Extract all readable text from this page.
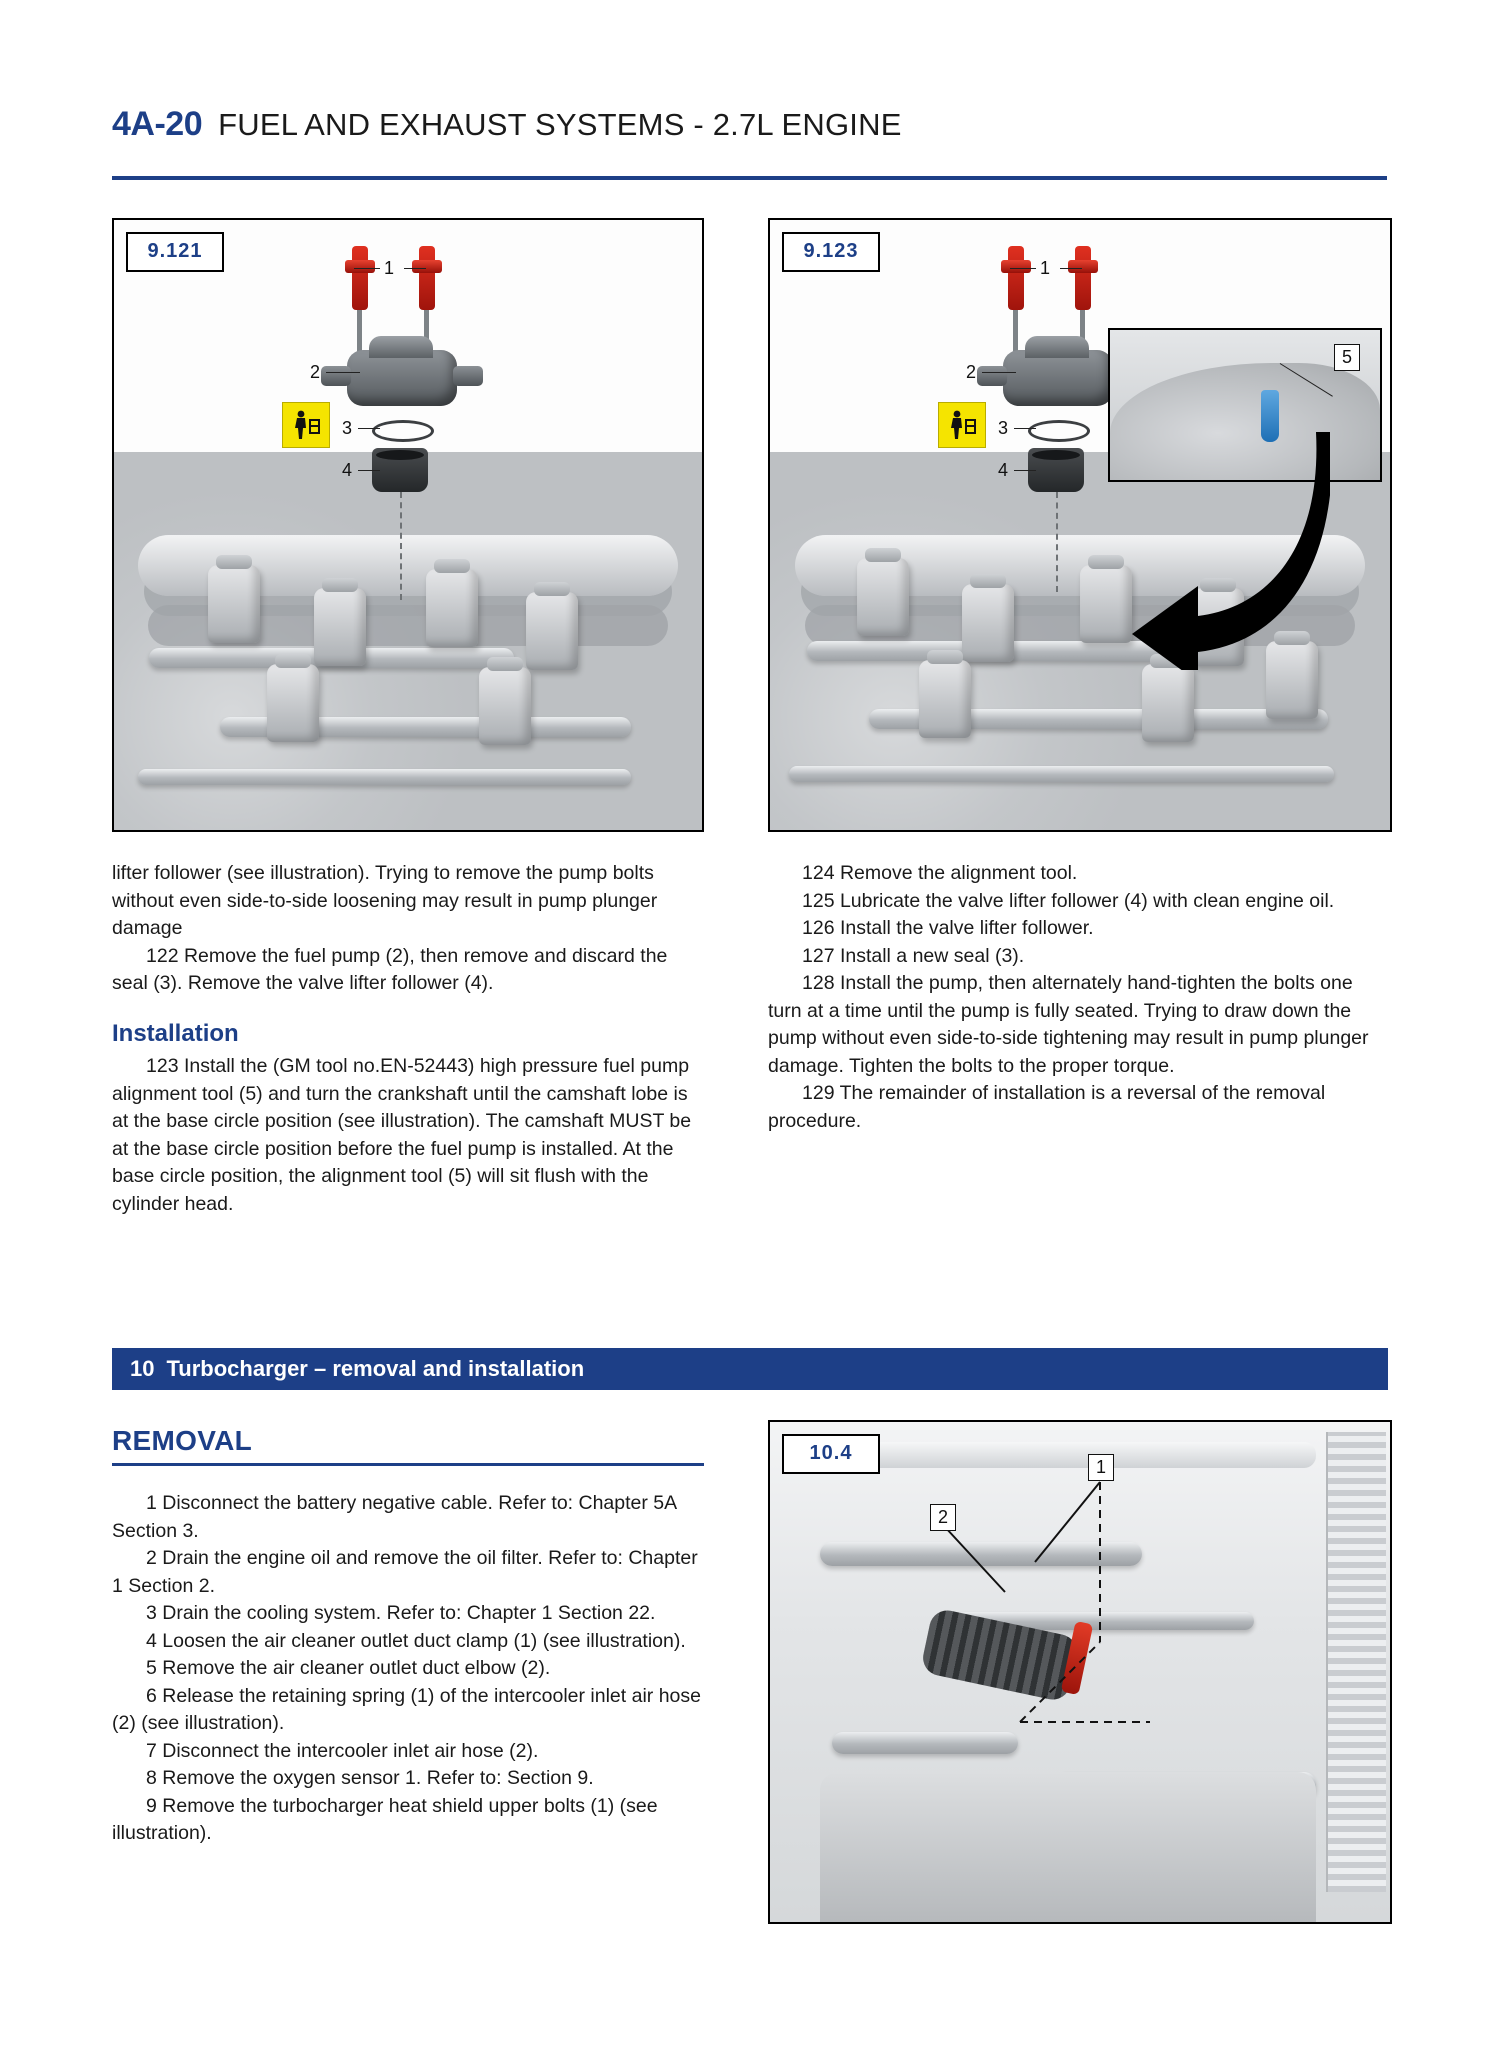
4A-20 FUEL AND EXHAUST SYSTEMS - 2.7L ENGINE
9.121
1
2
3
4
9.123
1
2
3
4
5

lifter follower (see illustration). Trying to remove the pump bolts without even side-to-side loosening may result in pump plunger damage

122 Remove the fuel pump (2), then remove and discard the seal (3). Remove the valve lifter follower (4).

Installation

123 Install the (GM tool no.EN-52443) high pressure fuel pump alignment tool (5) and turn the crankshaft until the camshaft lobe is at the base circle position (see illustration). The camshaft MUST be at the base circle position before the fuel pump is installed. At the base circle position, the alignment tool (5) will sit flush with the cylinder head.

124 Remove the alignment tool.

125 Lubricate the valve lifter follower (4) with clean engine oil.

126 Install the valve lifter follower.

127 Install a new seal (3).

128 Install the pump, then alternately hand-tighten the bolts one turn at a time until the pump is fully seated. Trying to draw down the pump without even side-to-side tightening may result in pump plunger damage. Tighten the bolts to the proper torque.

129 The remainder of installation is a reversal of the removal procedure.

10 Turbocharger – removal and installation
REMOVAL

1 Disconnect the battery negative cable. Refer to: Chapter 5A Section 3.

2 Drain the engine oil and remove the oil filter. Refer to: Chapter 1 Section 2.

3 Drain the cooling system. Refer to: Chapter 1 Section 22.

4 Loosen the air cleaner outlet duct clamp (1) (see illustration).

5 Remove the air cleaner outlet duct elbow (2).

6 Release the retaining spring (1) of the intercooler inlet air hose (2) (see illustration).

7 Disconnect the intercooler inlet air hose (2).

8 Remove the oxygen sensor 1. Refer to: Section 9.

9 Remove the turbocharger heat shield upper bolts (1) (see illustration).

10.4
1
2
